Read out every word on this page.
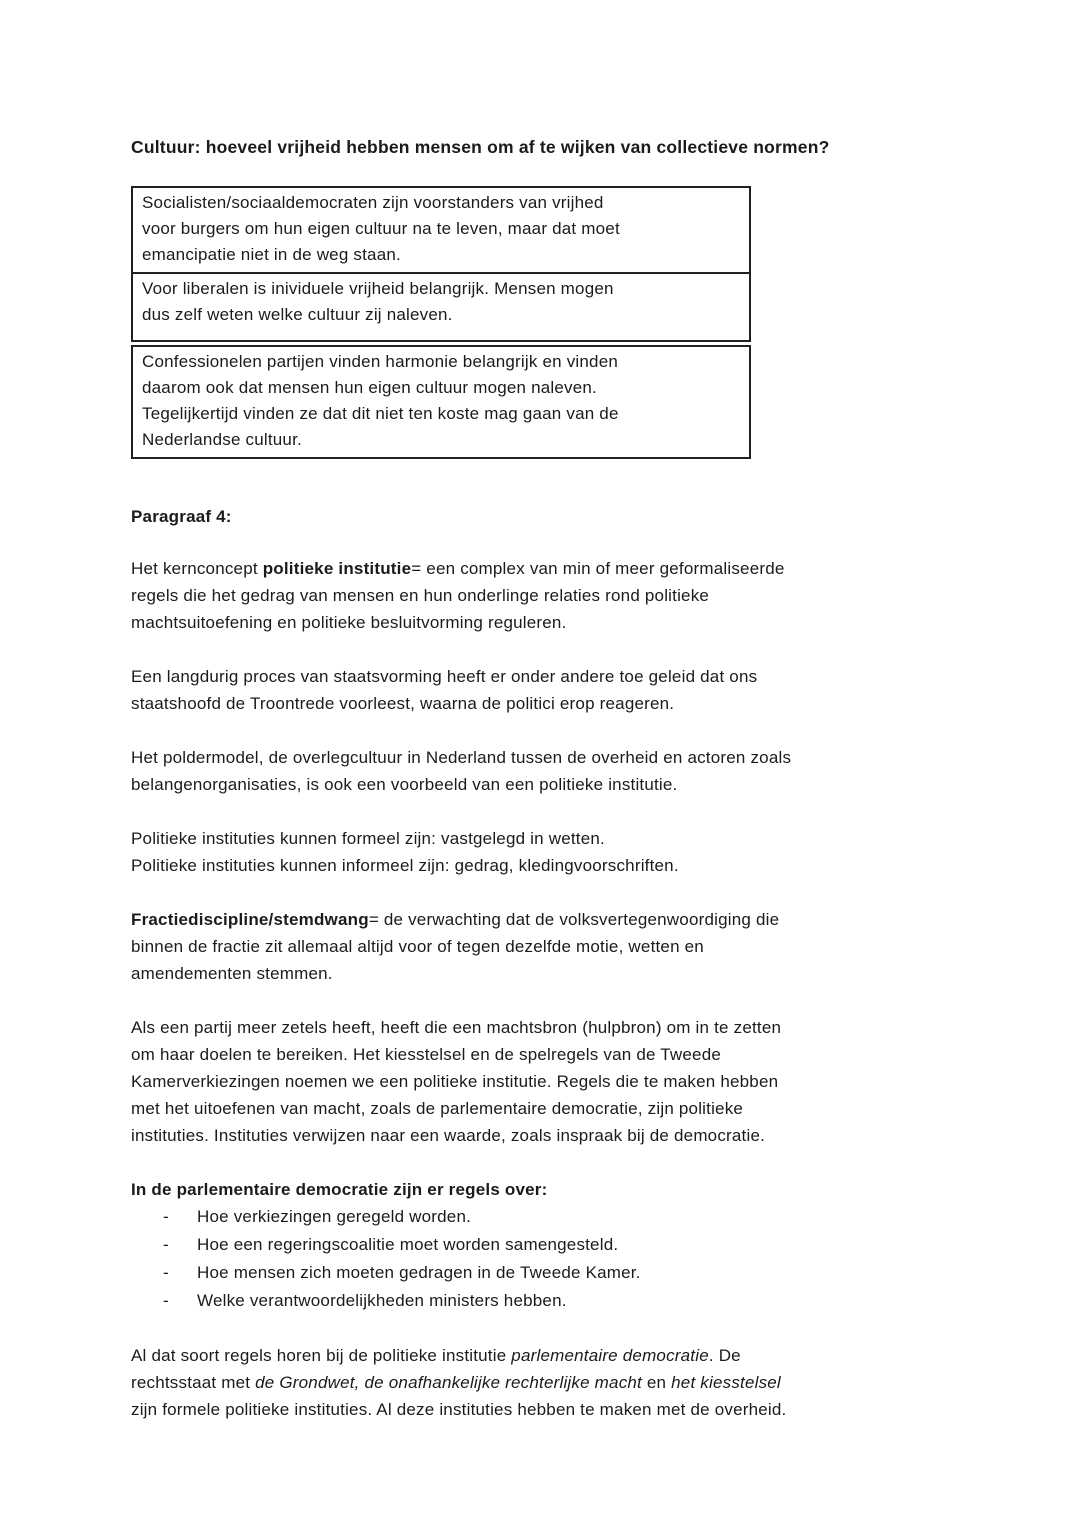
Cultuur: hoeveel vrijheid hebben mensen om af te wijken van collectieve normen?
Socialisten/sociaaldemocraten zijn voorstanders van vrijhed
voor burgers om hun eigen cultuur na te leven, maar dat moet
emancipatie niet in de weg staan.
Voor liberalen is inividuele vrijheid belangrijk. Mensen mogen
dus zelf weten welke cultuur zij naleven.
Confessionelen partijen vinden harmonie belangrijk en vinden
daarom ook dat mensen hun eigen cultuur mogen naleven.
Tegelijkertijd vinden ze dat dit niet ten koste mag gaan van de
Nederlandse cultuur.
Paragraaf 4:
Het kernconcept politieke institutie= een complex van min of meer geformaliseerde
regels die het gedrag van mensen en hun onderlinge relaties rond politieke
machtsuitoefening en politieke besluitvorming reguleren.
Een langdurig proces van staatsvorming heeft er onder andere toe geleid dat ons
staatshoofd de Troontrede voorleest, waarna de politici erop reageren.
Het poldermodel, de overlegcultuur in Nederland tussen de overheid en actoren zoals
belangenorganisaties, is ook een voorbeeld van een politieke institutie.
Politieke instituties kunnen formeel zijn: vastgelegd in wetten.
Politieke instituties kunnen informeel zijn: gedrag, kledingvoorschriften.
Fractiediscipline/stemdwang= de verwachting dat de volksvertegenwoordiging die
binnen de fractie zit allemaal altijd voor of tegen dezelfde motie, wetten en
amendementen stemmen.
Als een partij meer zetels heeft, heeft die een machtsbron (hulpbron) om in te zetten
om haar doelen te bereiken. Het kiesstelsel en de spelregels van de Tweede
Kamerverkiezingen noemen we een politieke institutie. Regels die te maken hebben
met het uitoefenen van macht, zoals de parlementaire democratie, zijn politieke
instituties. Instituties verwijzen naar een waarde, zoals inspraak bij de democratie.
In de parlementaire democratie zijn er regels over:
-	Hoe verkiezingen geregeld worden.
-	Hoe een regeringscoalitie moet worden samengesteld.
-	Hoe mensen zich moeten gedragen in de Tweede Kamer.
-	Welke verantwoordelijkheden ministers hebben.
Al dat soort regels horen bij de politieke institutie parlementaire democratie. De
rechtsstaat met de Grondwet, de onafhankelijke rechterlijke macht en het kiesstelsel
zijn formele politieke instituties. Al deze instituties hebben te maken met de overheid.
